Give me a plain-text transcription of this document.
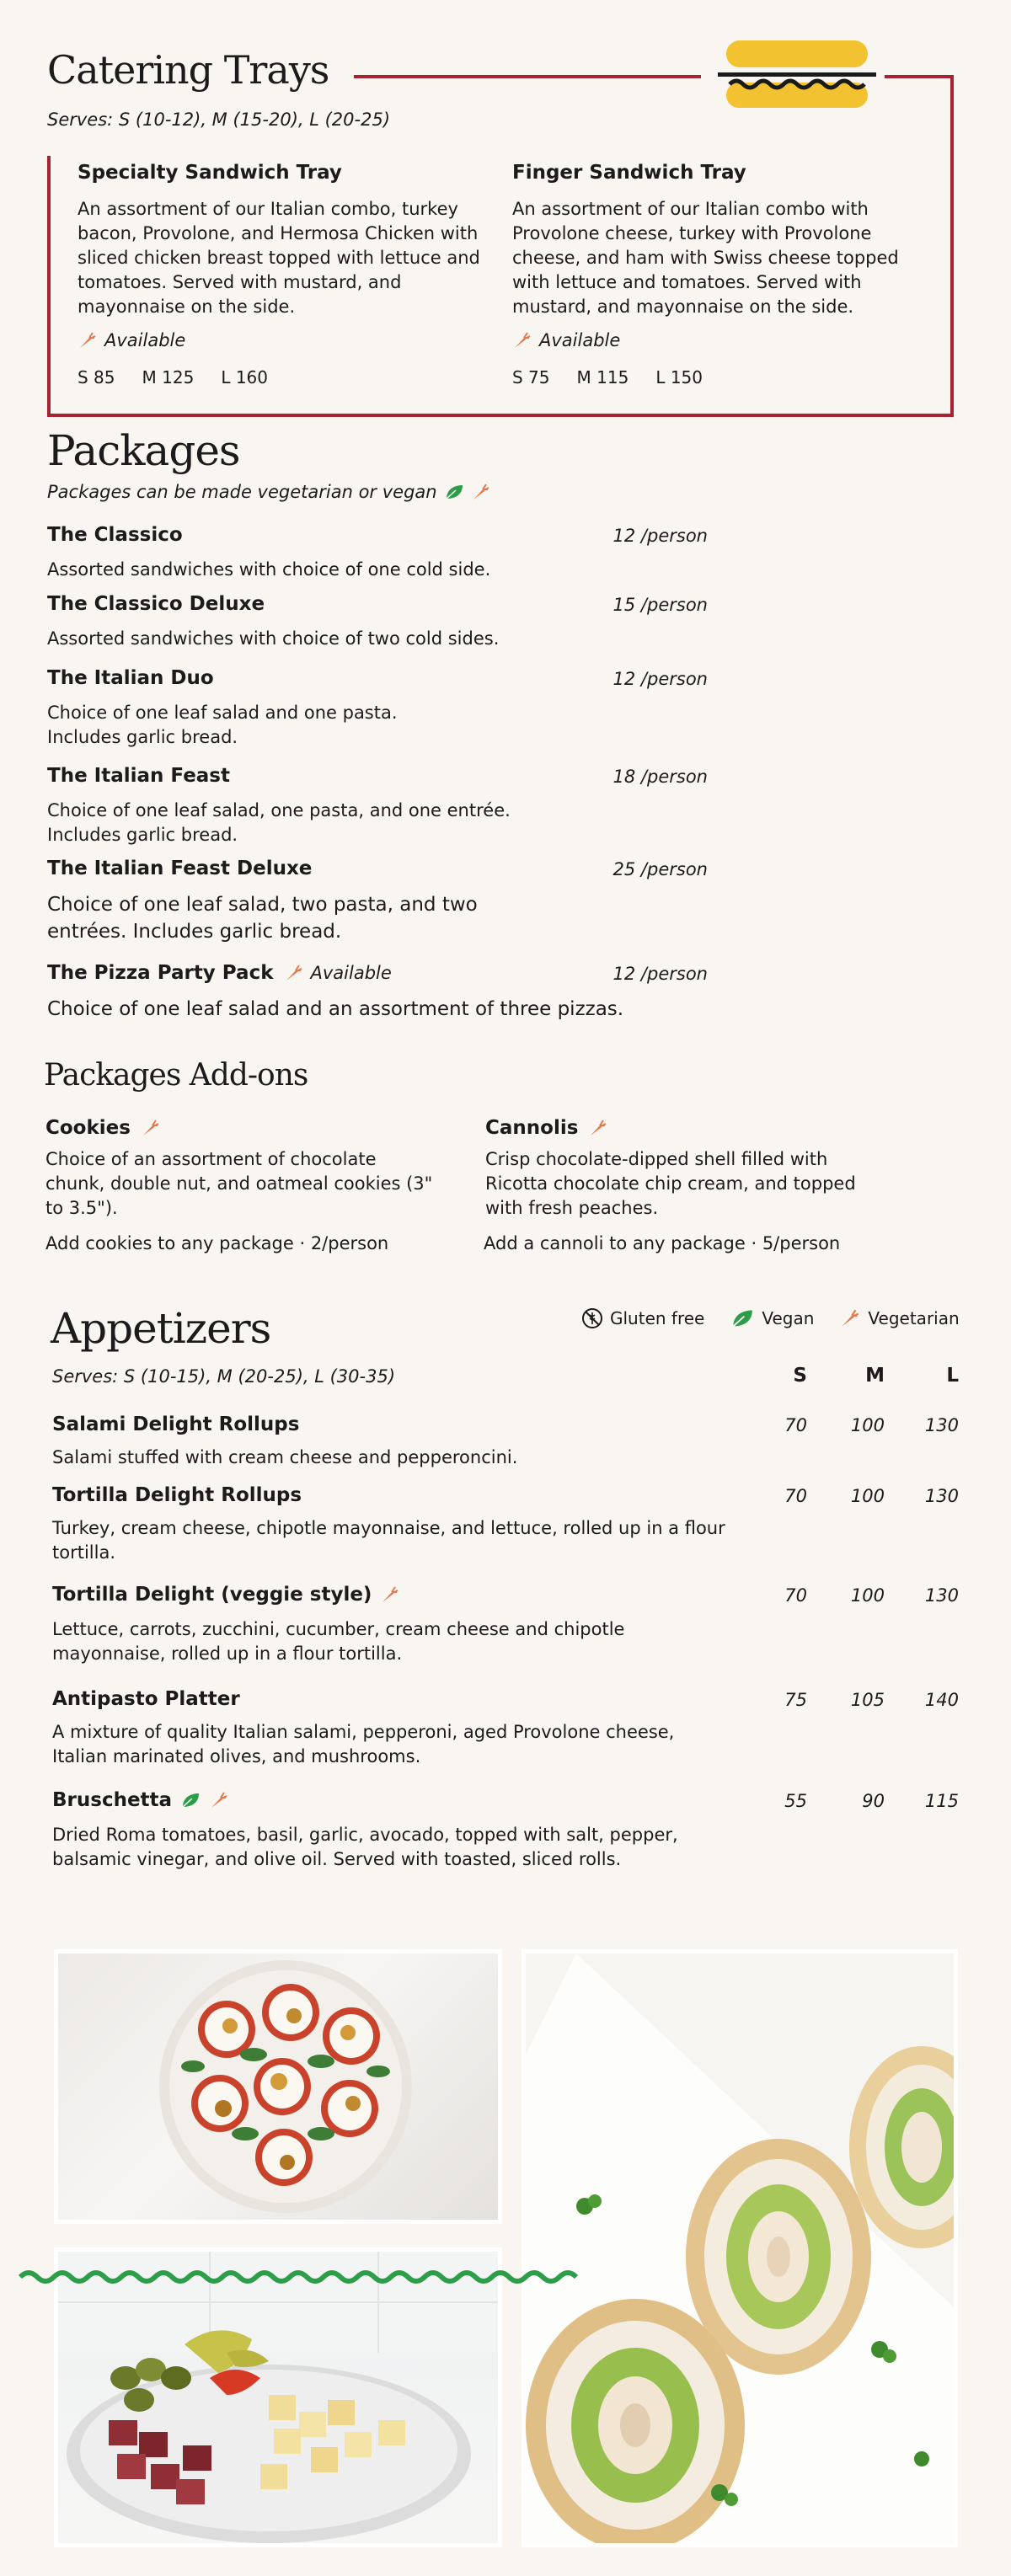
Catering Trays
Serves: S (10-12), M (15-20), L (20-25)
Specialty Sandwich Tray
An assortment of our Italian combo, turkey bacon, Provolone, and Hermosa Chicken with sliced chicken breast topped with lettuce and tomatoes. Served with mustard, and mayonnaise on the side.
Available
S 85 M 125 L 160
Finger Sandwich Tray
An assortment of our Italian combo with Provolone cheese, turkey with Provolone cheese, and ham with Swiss cheese topped with lettuce and tomatoes. Served with mustard, and mayonnaise on the side.
Available
S 75 M 115 L 150
Packages
Packages can be made vegetarian or vegan
The Classico	12 /person
Assorted sandwiches with choice of one cold side.
The Classico Deluxe	15 /person
Assorted sandwiches with choice of two cold sides.
The Italian Duo	12 /person
Choice of one leaf salad and one pasta.
Includes garlic bread.
The Italian Feast	18 /person
Choice of one leaf salad, one pasta, and one entrée.
Includes garlic bread.
The Italian Feast Deluxe	25 /person
Choice of one leaf salad, two pasta, and two
entrées. Includes garlic bread.
The Pizza Party Pack Available	12 /person
Choice of one leaf salad and an assortment of three pizzas.
Packages Add-ons
Cookies
Choice of an assortment of chocolate chunk, double nut, and oatmeal cookies (3" to 3.5").
Add cookies to any package · 2/person
Cannolis
Crisp chocolate-dipped shell filled with Ricotta chocolate chip cream, and topped with fresh peaches.
Add a cannoli to any package · 5/person
Appetizers	Gluten free	Vegan	Vegetarian
Serves: S (10-15), M (20-25), L (30-35)	S	M	L
Salami Delight Rollups	70	100	130
Salami stuffed with cream cheese and pepperoncini.
Tortilla Delight Rollups	70	100	130
Turkey, cream cheese, chipotle mayonnaise, and lettuce, rolled up in a flour tortilla.
Tortilla Delight (veggie style)	70	100	130
Lettuce, carrots, zucchini, cucumber, cream cheese and chipotle mayonnaise, rolled up in a flour tortilla.
Antipasto Platter	75	105	140
A mixture of quality Italian salami, pepperoni, aged Provolone cheese, Italian marinated olives, and mushrooms.
Bruschetta	55	90	115
Dried Roma tomatoes, basil, garlic, avocado, topped with salt, pepper, balsamic vinegar, and olive oil. Served with toasted, sliced rolls.
